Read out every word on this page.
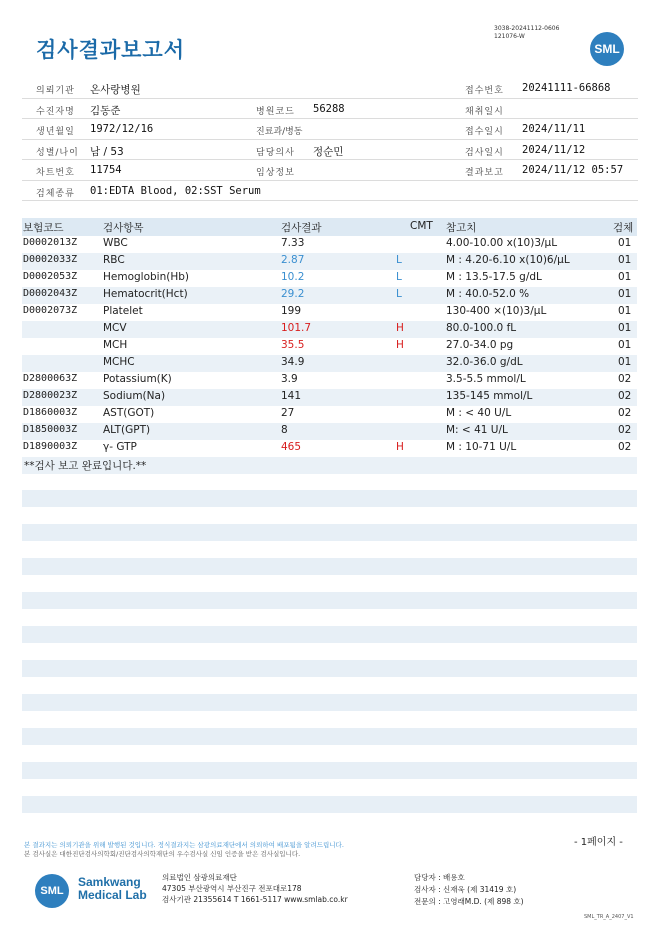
검사결과보고서
3038-20241112-0606
121076-W
SML
의뢰기관 온사랑병원	접수번호 20241111-66868
수진자명 김동준	병원코드 56288	채취일시
생년월일 1972/12/16	진료과/병동	접수일시 2024/11/11
성별/나이 남 / 53	담당의사 정순민	검사일시 2024/11/12
차트번호 11754	임상정보	결과보고 2024/11/12 05:57
검체종류 01:EDTA Blood, 02:SST Serum
보험코드	검사항목	검사결과	CMT 참고치	검체
D0002013Z WBC	7.33	4.00-10.00 x(10)3/μL	01
D0002033Z RBC	2.87	L	M : 4.20-6.10 x(10)6/μL	01
D0002053Z Hemoglobin(Hb)	10.2	L	M : 13.5-17.5 g/dL	01
D0002043Z Hematocrit(Hct)	29.2	L	M : 40.0-52.0 %	01
D0002073Z Platelet	199	130-400 ×(10)3/μL	01
MCV	101.7	H	80.0-100.0 fL	01
MCH	35.5	H	27.0-34.0 pg	01
MCHC	34.9	32.0-36.0 g/dL	01
D2800063Z Potassium(K)	3.9	3.5-5.5 mmol/L	02
D2800023Z Sodium(Na)	141	135-145 mmol/L	02
D1860003Z AST(GOT)	27	M : < 40 U/L	02
D1850003Z ALT(GPT)	8	M: < 41 U/L	02
D1890003Z γ- GTP	465	H	M : 10-71 U/L	02
**검사 보고 완료입니다.**
- 1페이지 -
본 결과지는 의뢰기관을 위해 발행된 것입니다. 정식결과지는 삼광의료재단에서 의뢰하여 배포됨을 알려드립니다.
본 검사실은 대한진단검사의학회/진단검사의학재단의 우수검사실 신임 인증을 받은 검사실입니다.
SML
Samkwang
Medical Lab
의료법인 삼광의료재단
47305 부산광역시 부산진구 전포대로178
검사기관 21355614 T 1661-5117 www.smlab.co.kr
담당자 : 배용호
검사자 : 신재욱 (제 31419 호)
전문의 : 고영래M.D. (제 898 호)
SML_TR_A_2407_V1
